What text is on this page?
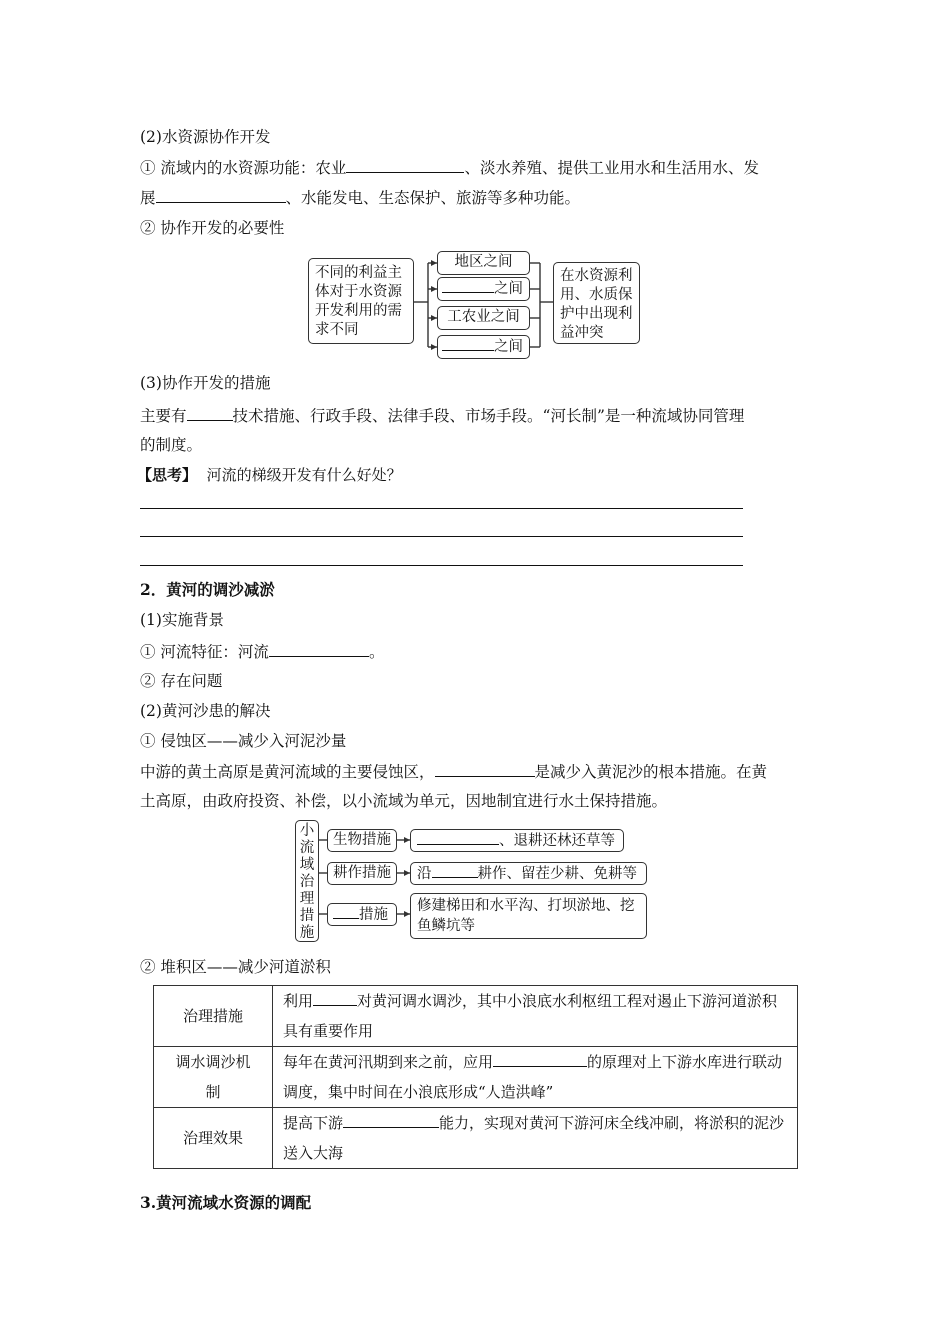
(2)水资源协作开发
① 流域内的水资源功能：农业	、淡水养殖、提供工业用水和生活用水、发
展	、水能发电、生态保护、旅游等多种功能。
② 协作开发的必要性
不同的利益主体对于水资源开发利用的需求不同
地区之间
之间
工农业之间
之间
在水资源利用、水质保护中出现利益冲突
(3)协作开发的措施
主要有	技术措施、行政手段、法律手段、市场手段。“河长制”是一种流域协同管理
的制度。
【思考】 河流的梯级开发有什么好处？
2．黄河的调沙减淤
(1)实施背景
① 河流特征：河流	。
② 存在问题
(2)黄河沙患的解决
① 侵蚀区——减少入河泥沙量
中游的黄土高原是黄河流域的主要侵蚀区，	是减少入黄泥沙的根本措施。在黄
土高原，由政府投资、补偿，以小流域为单元，因地制宜进行水土保持措施。
小
流
域
治
理
措
施
生物措施	、退耕还林还草等
耕作措施	沿	耕作、留茬少耕、免耕等
措施
修建梯田和水平沟、打坝淤地、挖鱼鳞坑等
② 堆积区——减少河道淤积
治理措施	利用 对黄河调水调沙，其中小浪底水利枢纽工程对遏止下游河道淤积具有重要作用
调水调沙机制	每年在黄河汛期到来之前，应用 的原理对上下游水库进行联动调度，集中时间在小浪底形成“人造洪峰”
治理效果	提高下游 能力，实现对黄河下游河床全线冲刷，将淤积的泥沙送入大海
3.黄河流域水资源的调配
